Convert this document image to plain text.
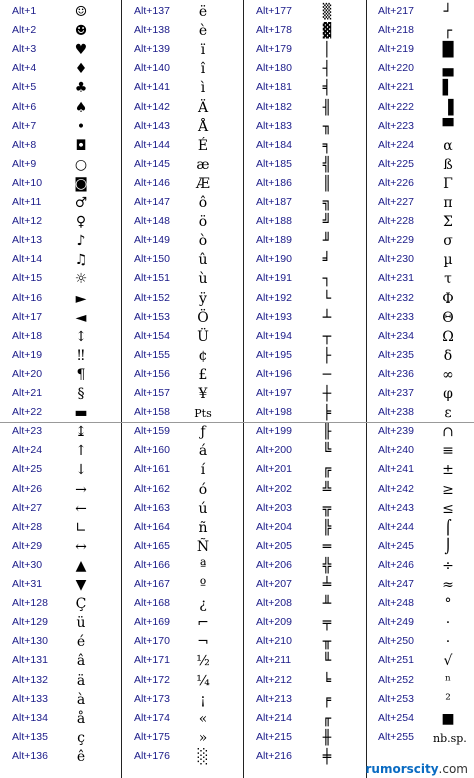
Alt+1	☺
Alt+2	☻
Alt+3	♥
Alt+4	♦
Alt+5	♣
Alt+6	♠
Alt+7	•
Alt+8	◘
Alt+9	○
Alt+10	◙
Alt+11	♂
Alt+12	♀
Alt+13	♪
Alt+14	♫
Alt+15	☼
Alt+16	►
Alt+17	◄
Alt+18	↕
Alt+19	‼
Alt+20	¶
Alt+21	§
Alt+22	▬
Alt+23	↨
Alt+24	↑
Alt+25	↓
Alt+26	→
Alt+27	←
Alt+28	∟
Alt+29	↔
Alt+30	▲
Alt+31	▼
Alt+128	Ç
Alt+129	ü
Alt+130	é
Alt+131	â
Alt+132	ä
Alt+133	à
Alt+134	å
Alt+135	ç
Alt+136	ê
Alt+137	ë
Alt+138	è
Alt+139	ï
Alt+140	î
Alt+141	ì
Alt+142	Ä
Alt+143	Å
Alt+144	É
Alt+145	æ
Alt+146	Æ
Alt+147	ô
Alt+148	ö
Alt+149	ò
Alt+150	û
Alt+151	ù
Alt+152	ÿ
Alt+153	Ö
Alt+154	Ü
Alt+155	¢
Alt+156	£
Alt+157	¥
Alt+158	Pts
Alt+159	ƒ
Alt+160	á
Alt+161	í
Alt+162	ó
Alt+163	ú
Alt+164	ñ
Alt+165	Ñ
Alt+166	ª
Alt+167	º
Alt+168	¿
Alt+169	⌐
Alt+170	¬
Alt+171	½
Alt+172	¼
Alt+173	¡
Alt+174	«
Alt+175	»
Alt+176	░
Alt+177	▒
Alt+178	▓
Alt+179	│
Alt+180	┤
Alt+181	╡
Alt+182	╢
Alt+183	╖
Alt+184	╕
Alt+185	╣
Alt+186	║
Alt+187	╗
Alt+188	╝
Alt+189	╜
Alt+190	╛
Alt+191	┐
Alt+192	└
Alt+193	┴
Alt+194	┬
Alt+195	├
Alt+196	─
Alt+197	┼
Alt+198	╞
Alt+199	╟
Alt+200	╚
Alt+201	╔
Alt+202	╩
Alt+203	╦
Alt+204	╠
Alt+205	═
Alt+206	╬
Alt+207	╧
Alt+208	╨
Alt+209	╤
Alt+210	╥
Alt+211	╙
Alt+212	╘
Alt+213	╒
Alt+214	╓
Alt+215	╫
Alt+216	╪
Alt+217	┘
Alt+218	┌
Alt+219	█
Alt+220	▄
Alt+221	▌
Alt+222	▐
Alt+223	▀
Alt+224	α
Alt+225	ß
Alt+226	Γ
Alt+227	π
Alt+228	Σ
Alt+229	σ
Alt+230	µ
Alt+231	τ
Alt+232	Φ
Alt+233	Θ
Alt+234	Ω
Alt+235	δ
Alt+236	∞
Alt+237	φ
Alt+238	ε
Alt+239	∩
Alt+240	≡
Alt+241	±
Alt+242	≥
Alt+243	≤
Alt+244	⌠
Alt+245	⌡
Alt+246	÷
Alt+247	≈
Alt+248	°
Alt+249	·
Alt+250	·
Alt+251	√
Alt+252	ⁿ
Alt+253	²
Alt+254	■
Alt+255 nb.sp.
rumorscity.com
